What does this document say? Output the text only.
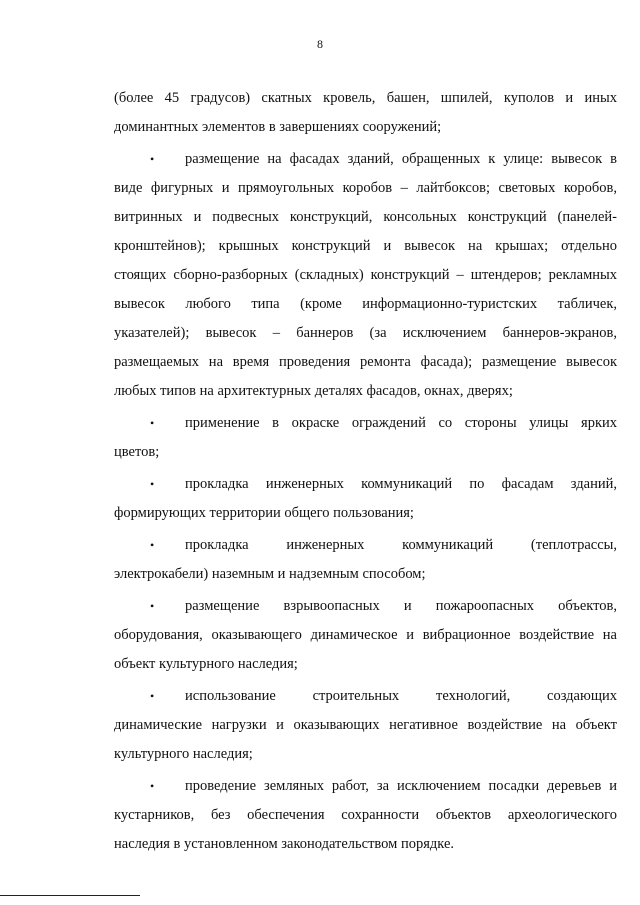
8
(более 45 градусов) скатных кровель, башен, шпилей, куполов и иных
доминантных элементов в завершениях сооружений;
•	размещение на фасадах зданий, обращенных к улице: вывесок в
виде фигурных и прямоугольных коробов – лайтбоксов; световых коробов,
витринных и подвесных конструкций, консольных конструкций (панелей-
кронштейнов); крышных конструкций и вывесок на крышах; отдельно
стоящих сборно-разборных (складных) конструкций – штендеров; рекламных
вывесок любого типа (кроме информационно-туристских табличек,
указателей); вывесок – баннеров (за исключением баннеров-экранов,
размещаемых на время проведения ремонта фасада); размещение вывесок
любых типов на архитектурных деталях фасадов, окнах, дверях;
•	применение в окраске ограждений со стороны улицы ярких
цветов;
•	прокладка инженерных коммуникаций по фасадам зданий,
формирующих территории общего пользования;
•	прокладка инженерных коммуникаций (теплотрассы,
электрокабели) наземным и надземным способом;
•	размещение взрывоопасных и пожароопасных объектов,
оборудования, оказывающего динамическое и вибрационное воздействие на
объект культурного наследия;
•	использование строительных технологий, создающих
динамические нагрузки и оказывающих негативное воздействие на объект
культурного наследия;
•	проведение земляных работ, за исключением посадки деревьев и
кустарников, без обеспечения сохранности объектов археологического
наследия в установленном законодательством порядке.
